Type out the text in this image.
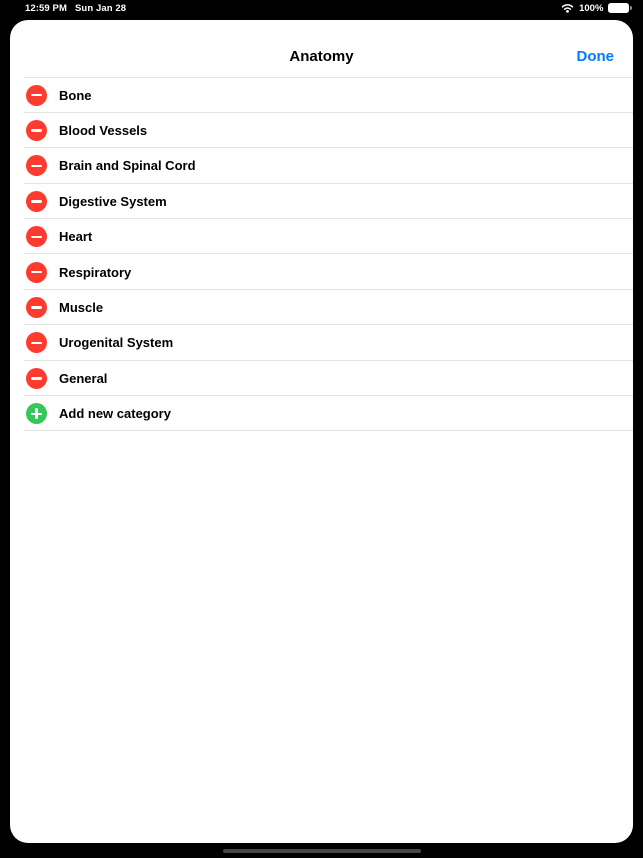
12:59 PM Sun Jan 28	100%
Anatomy	Done
Bone
Blood Vessels
Brain and Spinal Cord
Digestive System
Heart
Respiratory
Muscle
Urogenital System
General
Add new category
